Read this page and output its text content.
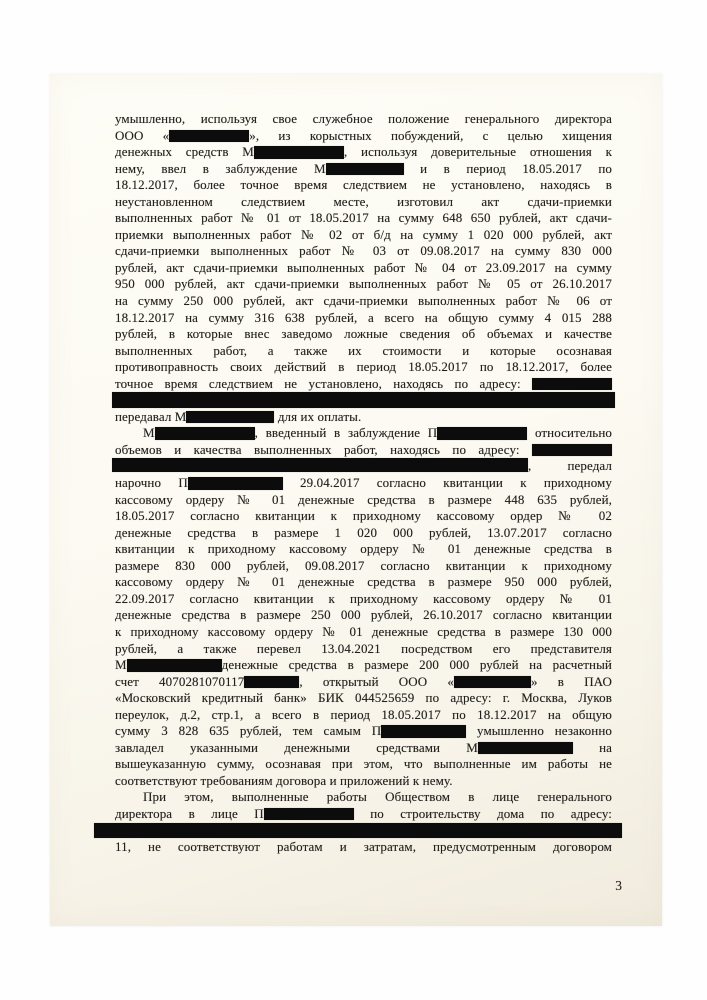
умышленно, используя свое служебное положение генерального директора
ООО «	», из корыстных побуждений, с целью хищения
денежных средств М	, используя доверительные отношения к
нему, ввел в заблуждение М	и в период 18.05.2017 по
18.12.2017, более точное время следствием не установлено, находясь в
неустановленном следствием месте, изготовил акт сдачи-приемки
выполненных работ № 01 от 18.05.2017 на сумму 648 650 рублей, акт сдачи-
приемки выполненных работ № 02 от б/д на сумму 1 020 000 рублей, акт
сдачи-приемки выполненных работ № 03 от 09.08.2017 на сумму 830 000
рублей, акт сдачи-приемки выполненных работ № 04 от 23.09.2017 на сумму
950 000 рублей, акт сдачи-приемки выполненных работ № 05 от 26.10.2017
на сумму 250 000 рублей, акт сдачи-приемки выполненных работ № 06 от
18.12.2017 на сумму 316 638 рублей, а всего на общую сумму 4 015 288
рублей, в которые внес заведомо ложные сведения об объемах и качестве
выполненных работ, а также их стоимости и которые осознавая
противоправность своих действий в период 18.05.2017 по 18.12.2017, более
точное время следствием не установлено, находясь по адресу:
передавал М	для их оплаты.
М	, введенный в заблуждение П	относительно
объемов и качества выполненных работ, находясь по адресу:
, передал
нарочно П	29.04.2017 согласно квитанции к приходному
кассовому ордеру № 01 денежные средства в размере 448 635 рублей,
18.05.2017 согласно квитанции к приходному кассовому ордер № 02
денежные средства в размере 1 020 000 рублей, 13.07.2017 согласно
квитанции к приходному кассовому ордеру № 01 денежные средства в
размере 830 000 рублей, 09.08.2017 согласно квитанции к приходному
кассовому ордеру № 01 денежные средства в размере 950 000 рублей,
22.09.2017 согласно квитанции к приходному кассовому ордеру № 01
денежные средства в размере 250 000 рублей, 26.10.2017 согласно квитанции
к приходному кассовому ордеру № 01 денежные средства в размере 130 000
рублей, а также перевел 13.04.2021 посредством его представителя
М	денежные средства в размере 200 000 рублей на расчетный
счет 4070281070117	, открытый ООО «	» в ПАО
«Московский кредитный банк» БИК 044525659 по адресу: г. Москва, Луков
переулок, д.2, стр.1, а всего в период 18.05.2017 по 18.12.2017 на общую
сумму 3 828 635 рублей, тем самым П	умышленно незаконно
завладел указанными денежными средствами М	на
вышеуказанную сумму, осознавая при этом, что выполненные им работы не
соответствуют требованиям договора и приложений к нему.
При этом, выполненные работы Обществом в лице генерального
директора в лице П	по строительству дома по адресу:
11, не соответствуют работам и затратам, предусмотренным договором
3
